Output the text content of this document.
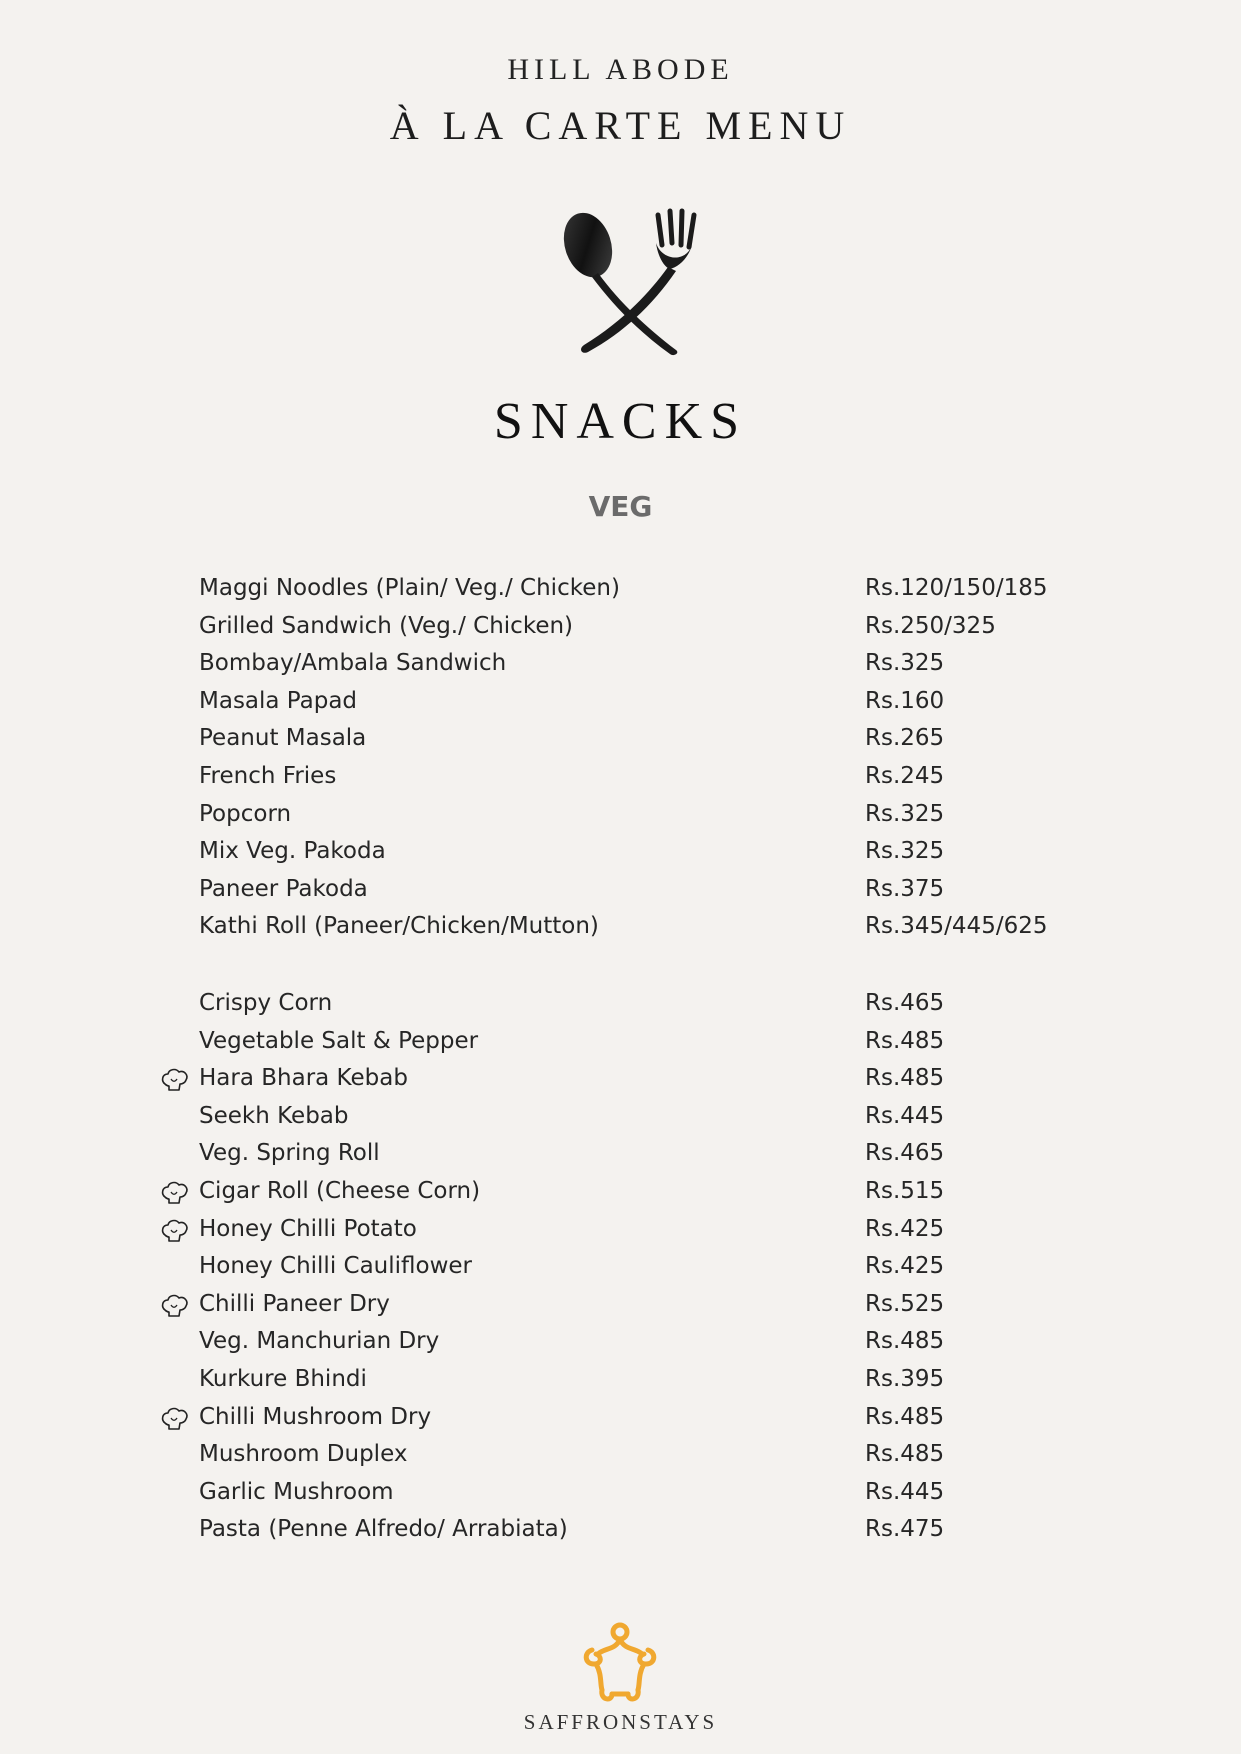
HILL ABODE
À LA CARTE MENU
SNACKS
VEG
Maggi Noodles (Plain/ Veg./ Chicken)	Rs.120/150/185
Grilled Sandwich (Veg./ Chicken)	Rs.250/325
Bombay/Ambala Sandwich	Rs.325
Masala Papad	Rs.160
Peanut Masala	Rs.265
French Fries	Rs.245
Popcorn	Rs.325
Mix Veg. Pakoda	Rs.325
Paneer Pakoda	Rs.375
Kathi Roll (Paneer/Chicken/Mutton)	Rs.345/445/625
Crispy Corn	Rs.465
Vegetable Salt & Pepper	Rs.485
Hara Bhara Kebab	Rs.485
Seekh Kebab	Rs.445
Veg. Spring Roll	Rs.465
Cigar Roll (Cheese Corn)	Rs.515
Honey Chilli Potato	Rs.425
Honey Chilli Cauliflower	Rs.425
Chilli Paneer Dry	Rs.525
Veg. Manchurian Dry	Rs.485
Kurkure Bhindi	Rs.395
Chilli Mushroom Dry	Rs.485
Mushroom Duplex	Rs.485
Garlic Mushroom	Rs.445
Pasta (Penne Alfredo/ Arrabiata)	Rs.475
SAFFRONSTAYS
